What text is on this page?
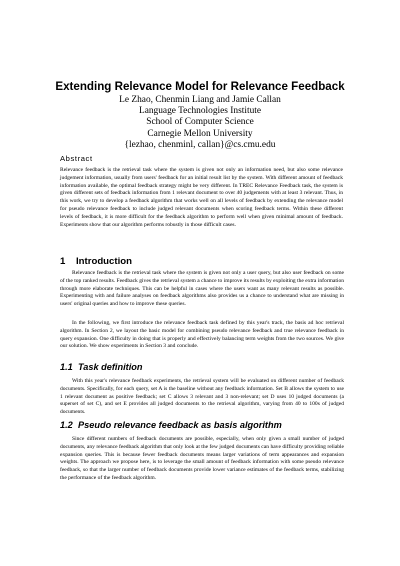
Extending Relevance Model for Relevance Feedback
Le Zhao, Chenmin Liang and Jamie Callan
Language Technologies Institute
School of Computer Science
Carnegie Mellon University
{lezhao, chenminl, callan}@cs.cmu.edu
Abstract

Relevance feedback is the retrieval task where the system is given not only an information need, but also some relevance judgement information, usually from users' feedback for an initial result list by the system. With different amount of feedback information available, the optimal feedback strategy might be very different. In TREC Relevance Feedback task, the system is given different sets of feedback information from 1 relevant document to over 40 judgements with at least 3 relevant. Thus, in this work, we try to develop a feedback algorithm that works well on all levels of feedback by extending the relevance model for pseudo relevance feedback to include judged relevant documents when scoring feedback terms. Within these different levels of feedback, it is more difficult for the feedback algorithm to perform well when given minimal amount of feedback. Experiments show that our algorithm performs robustly in those difficult cases.

1 Introduction

Relevance feedback is the retrieval task where the system is given not only a user query, but also user feedback on some of the top ranked results. Feedback gives the retrieval system a chance to improve its results by exploiting the extra information through more elaborate techniques. This can be helpful in cases where the users want as many relevant results as possible. Experimenting with and failure analyses on feedback algorithms also provides us a chance to understand what are missing in users' original queries and how to improve these queries.

In the following, we first introduce the relevance feedback task defined by this year's track, the basis ad hoc retrieval algorithm. In Section 2, we layout the basic model for combining pseudo relevance feedback and true relevance feedback in query expansion. One difficulty in doing that is properly and effectively balancing term weights from the two sources. We give our solution. We show experiments in Section 3 and conclude.

1.1 Task definition

With this year's relevance feedback experiments, the retrieval system will be evaluated on different number of feedback documents. Specifically, for each query, set A is the baseline without any feedback information. Set B allows the system to use 1 relevant document as positive feedback; set C allows 3 relevant and 3 non-relevant; set D uses 10 judged documents (a superset of set C), and set E provides all judged documents to the retrieval algorithm, varying from 40 to 100s of judged documents.

1.2 Pseudo relevance feedback as basis algorithm

Since different numbers of feedback documents are possible, especially, when only given a small number of judged documents, any relevance feedback algorithm that only look at the few judged documents can have difficulty providing reliable expansion queries. This is because fewer feedback documents means larger variations of term appearances and expansion weights. The approach we propose here, is to leverage the small amount of feedback information with some pseudo relevance feedback, so that the larger number of feedback documents provide lower variance estimates of the feedback terms, stabilizing the performance of the feedback algorithm.
